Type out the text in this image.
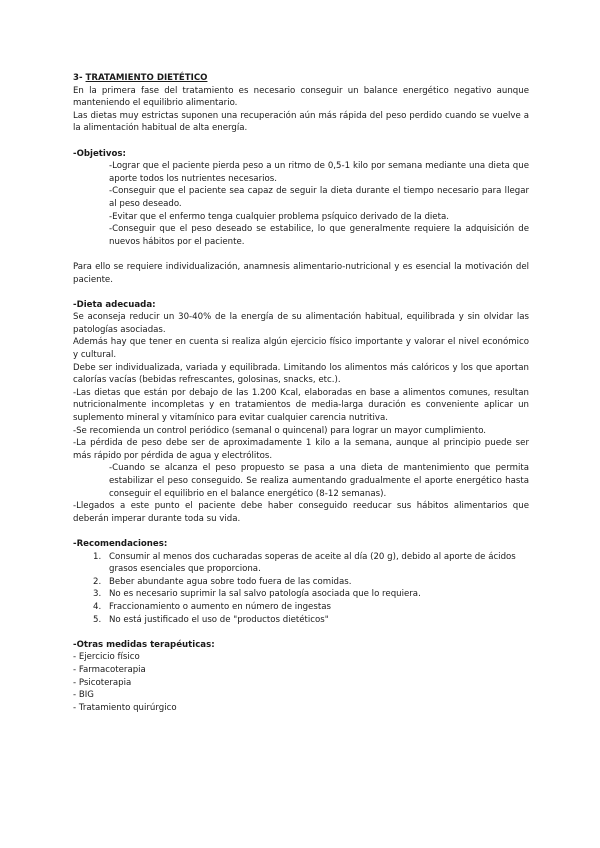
3- TRATAMIENTO DIETÉTICO

En la primera fase del tratamiento es necesario conseguir un balance energético negativo aunque manteniendo el equilibrio alimentario.

Las dietas muy estrictas suponen una recuperación aún más rápida del peso perdido cuando se vuelve a la alimentación habitual de alta energía.

-Objetivos:

-Lograr que el paciente pierda peso a un ritmo de 0,5-1 kilo por semana mediante una dieta que aporte todos los nutrientes necesarios.

-Conseguir que el paciente sea capaz de seguir la dieta durante el tiempo necesario para llegar al peso deseado.

-Evitar que el enfermo tenga cualquier problema psíquico derivado de la dieta.

-Conseguir que el peso deseado se estabilice, lo que generalmente requiere la adquisición de nuevos hábitos por el paciente.

Para ello se requiere individualización, anamnesis alimentario-nutricional y es esencial la motivación del paciente.

-Dieta adecuada:

Se aconseja reducir un 30-40% de la energía de su alimentación habitual, equilibrada y sin olvidar las patologías asociadas.

Además hay que tener en cuenta si realiza algún ejercicio físico importante y valorar el nivel económico y cultural.

Debe ser individualizada, variada y equilibrada. Limitando los alimentos más calóricos y los que aportan calorías vacías (bebidas refrescantes, golosinas, snacks, etc.).

-Las dietas que están por debajo de las 1.200 Kcal, elaboradas en base a alimentos comunes, resultan nutricionalmente incompletas y en tratamientos de media-larga duración es conveniente aplicar un suplemento mineral y vitamínico para evitar cualquier carencia nutritiva.

-Se recomienda un control periódico (semanal o quincenal) para lograr un mayor cumplimiento.

-La pérdida de peso debe ser de aproximadamente 1 kilo a la semana, aunque al principio puede ser más rápido por pérdida de agua y electrólitos.

-Cuando se alcanza el peso propuesto se pasa a una dieta de mantenimiento que permita estabilizar el peso conseguido. Se realiza aumentando gradualmente el aporte energético hasta conseguir el equilibrio en el balance energético (8-12 semanas).

-Llegados a este punto el paciente debe haber conseguido reeducar sus hábitos alimentarios que deberán imperar durante toda su vida.

-Recomendaciones:

1. Consumir al menos dos cucharadas soperas de aceite al día (20 g), debido al aporte de ácidos grasos esenciales que proporciona.
2. Beber abundante agua sobre todo fuera de las comidas.
3. No es necesario suprimir la sal salvo patología asociada que lo requiera.
4. Fraccionamiento o aumento en número de ingestas
5. No está justificado el uso de "productos dietéticos"

-Otras medidas terapéuticas:

- Ejercicio físico

- Farmacoterapia

- Psicoterapia

- BIG

- Tratamiento quirúrgico
